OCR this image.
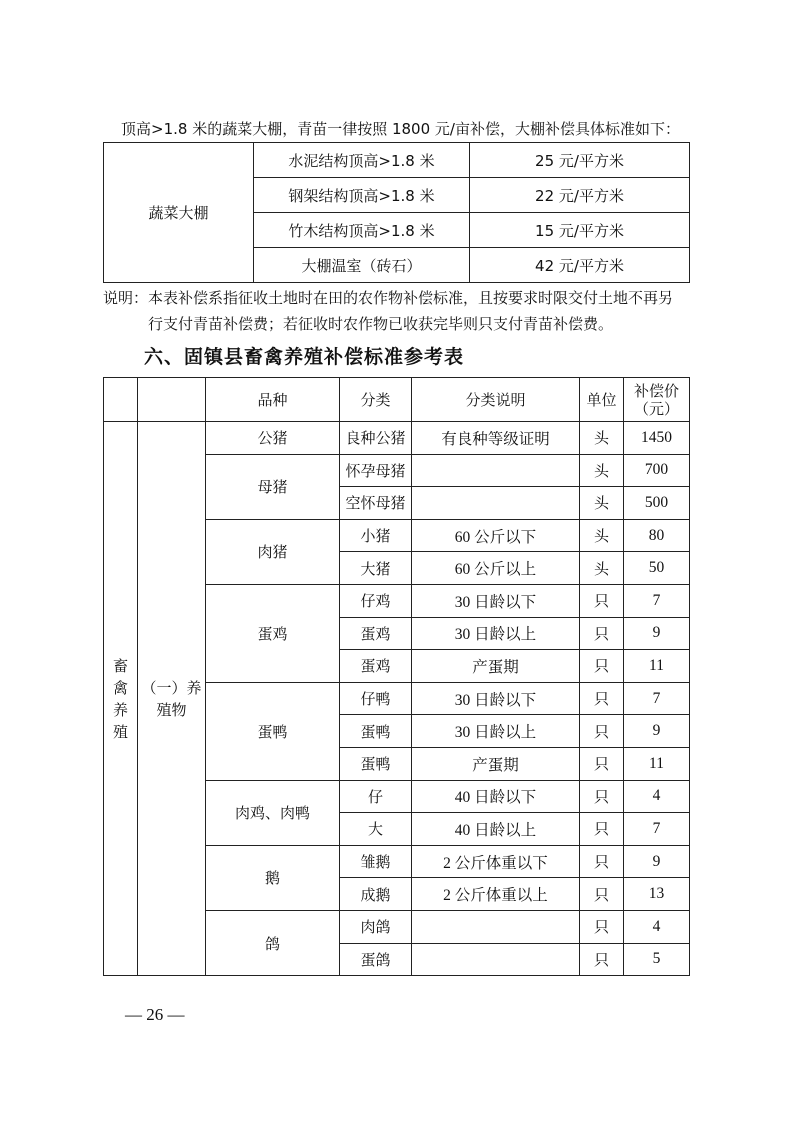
顶高>1.8 米的蔬菜大棚，青苗一律按照 1800 元/亩补偿，大棚补偿具体标准如下：
蔬菜大棚	水泥结构顶高>1.8 米	25 元/平方米
	钢架结构顶高>1.8 米	22 元/平方米
	竹木结构顶高>1.8 米	15 元/平方米
	大棚温室（砖石）	42 元/平方米
说明：本表补偿系指征收土地时在田的农作物补偿标准，且按要求时限交付土地不再另
行支付青苗补偿费；若征收时农作物已收获完毕则只支付青苗补偿费。
六、固镇县畜禽养殖补偿标准参考表
		品种	分类	分类说明	单位	补偿价
（元）

畜禽养殖	（一）养殖物	公猪	良种公猪	有良种等级证明	头	1450
		母猪	怀孕母猪		头	700
			空怀母猪		头	500
		肉猪	小猪	60 公斤以下	头	80
			大猪	60 公斤以上	头	50
		蛋鸡	仔鸡	30 日龄以下	只	7
			蛋鸡	30 日龄以上	只	9
			蛋鸡	产蛋期	只	11
		蛋鸭	仔鸭	30 日龄以下	只	7
			蛋鸭	30 日龄以上	只	9
			蛋鸭	产蛋期	只	11
		肉鸡、肉鸭	仔	40 日龄以下	只	4
			大	40 日龄以上	只	7
		鹅	雏鹅	2 公斤体重以下	只	9
			成鹅	2 公斤体重以上	只	13
		鸽	肉鸽		只	4
			蛋鸽		只	5
— 26 —
